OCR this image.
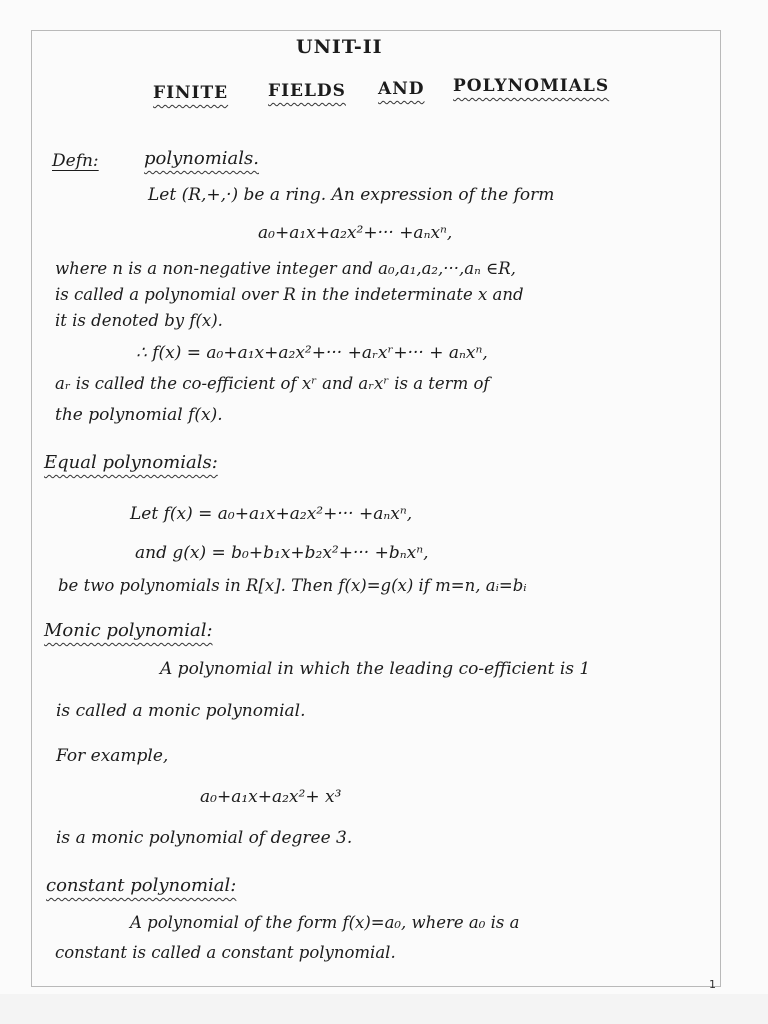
UNIT-II
FINITE FIELDS AND POLYNOMIALS
Defn:	polynomials.
Let (R,+,·) be a ring. An expression of the form
a₀+a₁x+a₂x²+··· +aₙxⁿ,
where n is a non-negative integer and a₀,a₁,a₂,···,aₙ ∈R,
is called a polynomial over R in the indeterminate x and
it is denoted by f(x).
∴ f(x) = a₀+a₁x+a₂x²+··· +aᵣxʳ+··· + aₙxⁿ,
aᵣ is called the co-efficient of xʳ and aᵣxʳ is a term of
the polynomial f(x).
Equal polynomials:
Let f(x) = a₀+a₁x+a₂x²+··· +aₙxⁿ,
and g(x) = b₀+b₁x+b₂x²+··· +bₙxⁿ,
be two polynomials in R[x]. Then f(x)=g(x) if m=n, aᵢ=bᵢ
Monic polynomial:
A polynomial in which the leading co-efficient is 1
is called a monic polynomial.
For example,
a₀+a₁x+a₂x²+ x³
is a monic polynomial of degree 3.
constant polynomial:
A polynomial of the form f(x)=a₀, where a₀ is a
constant is called a constant polynomial.
1
